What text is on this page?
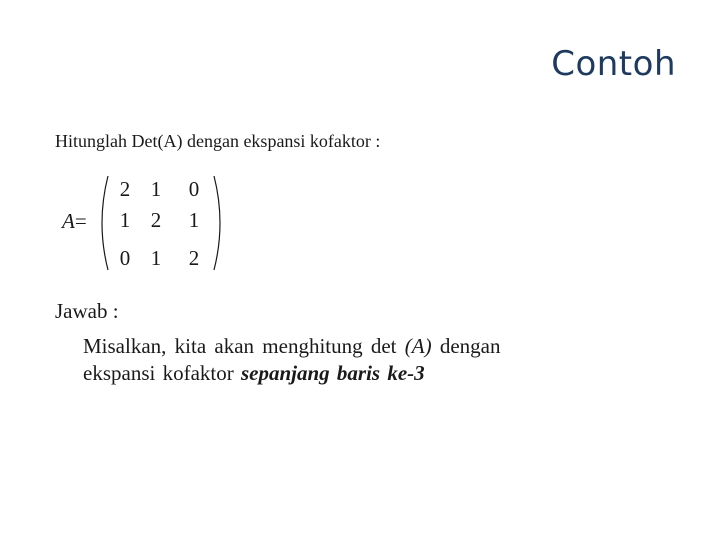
Contoh
Hitunglah Det(A) dengan ekspansi kofaktor :
A=
2 1 0
1 2 1
0 1 2
Jawab :
Misalkan, kita akan menghitung det (A) dengan
ekspansi kofaktor sepanjang baris ke-3
